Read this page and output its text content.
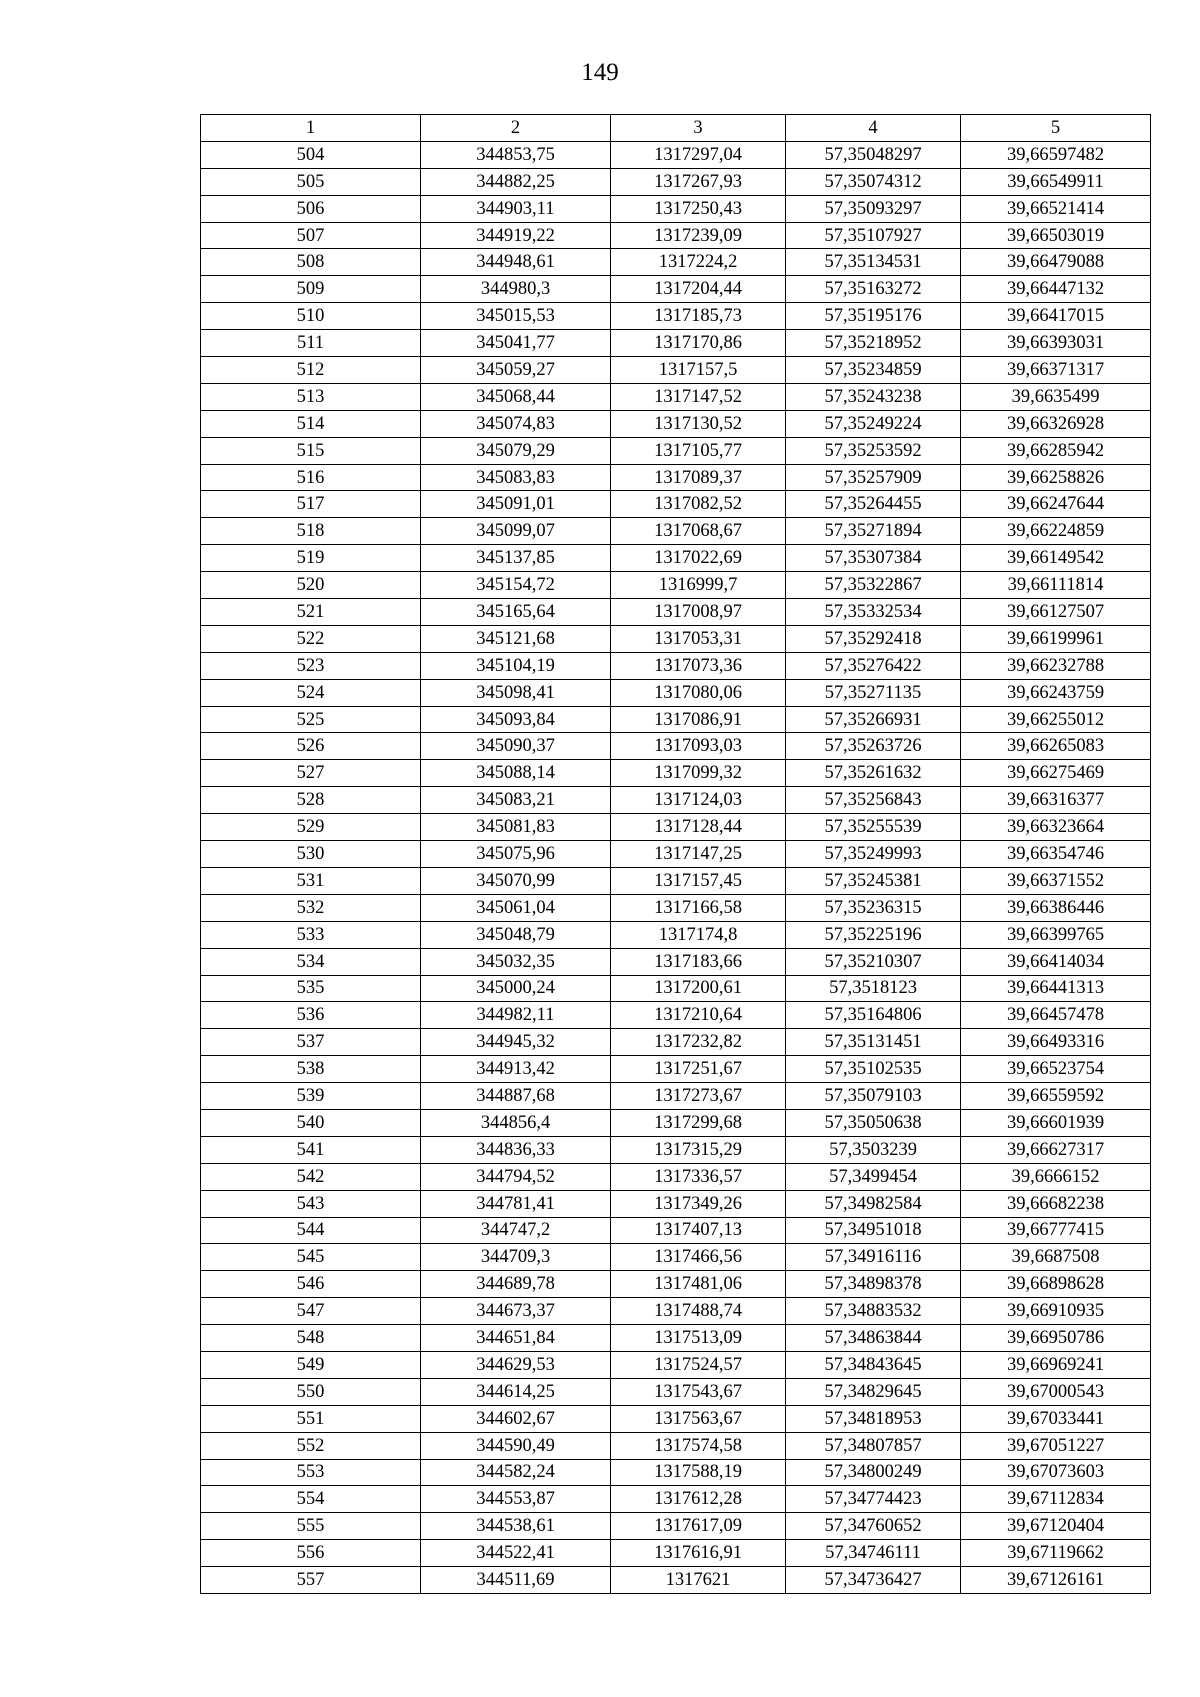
149
1	2	3	4	5
504	344853,75	1317297,04	57,35048297	39,66597482
505	344882,25	1317267,93	57,35074312	39,66549911
506	344903,11	1317250,43	57,35093297	39,66521414
507	344919,22	1317239,09	57,35107927	39,66503019
508	344948,61	1317224,2	57,35134531	39,66479088
509	344980,3	1317204,44	57,35163272	39,66447132
510	345015,53	1317185,73	57,35195176	39,66417015
511	345041,77	1317170,86	57,35218952	39,66393031
512	345059,27	1317157,5	57,35234859	39,66371317
513	345068,44	1317147,52	57,35243238	39,6635499
514	345074,83	1317130,52	57,35249224	39,66326928
515	345079,29	1317105,77	57,35253592	39,66285942
516	345083,83	1317089,37	57,35257909	39,66258826
517	345091,01	1317082,52	57,35264455	39,66247644
518	345099,07	1317068,67	57,35271894	39,66224859
519	345137,85	1317022,69	57,35307384	39,66149542
520	345154,72	1316999,7	57,35322867	39,66111814
521	345165,64	1317008,97	57,35332534	39,66127507
522	345121,68	1317053,31	57,35292418	39,66199961
523	345104,19	1317073,36	57,35276422	39,66232788
524	345098,41	1317080,06	57,35271135	39,66243759
525	345093,84	1317086,91	57,35266931	39,66255012
526	345090,37	1317093,03	57,35263726	39,66265083
527	345088,14	1317099,32	57,35261632	39,66275469
528	345083,21	1317124,03	57,35256843	39,66316377
529	345081,83	1317128,44	57,35255539	39,66323664
530	345075,96	1317147,25	57,35249993	39,66354746
531	345070,99	1317157,45	57,35245381	39,66371552
532	345061,04	1317166,58	57,35236315	39,66386446
533	345048,79	1317174,8	57,35225196	39,66399765
534	345032,35	1317183,66	57,35210307	39,66414034
535	345000,24	1317200,61	57,3518123	39,66441313
536	344982,11	1317210,64	57,35164806	39,66457478
537	344945,32	1317232,82	57,35131451	39,66493316
538	344913,42	1317251,67	57,35102535	39,66523754
539	344887,68	1317273,67	57,35079103	39,66559592
540	344856,4	1317299,68	57,35050638	39,66601939
541	344836,33	1317315,29	57,3503239	39,66627317
542	344794,52	1317336,57	57,3499454	39,6666152
543	344781,41	1317349,26	57,34982584	39,66682238
544	344747,2	1317407,13	57,34951018	39,66777415
545	344709,3	1317466,56	57,34916116	39,6687508
546	344689,78	1317481,06	57,34898378	39,66898628
547	344673,37	1317488,74	57,34883532	39,66910935
548	344651,84	1317513,09	57,34863844	39,66950786
549	344629,53	1317524,57	57,34843645	39,66969241
550	344614,25	1317543,67	57,34829645	39,67000543
551	344602,67	1317563,67	57,34818953	39,67033441
552	344590,49	1317574,58	57,34807857	39,67051227
553	344582,24	1317588,19	57,34800249	39,67073603
554	344553,87	1317612,28	57,34774423	39,67112834
555	344538,61	1317617,09	57,34760652	39,67120404
556	344522,41	1317616,91	57,34746111	39,67119662
557	344511,69	1317621	57,34736427	39,67126161
